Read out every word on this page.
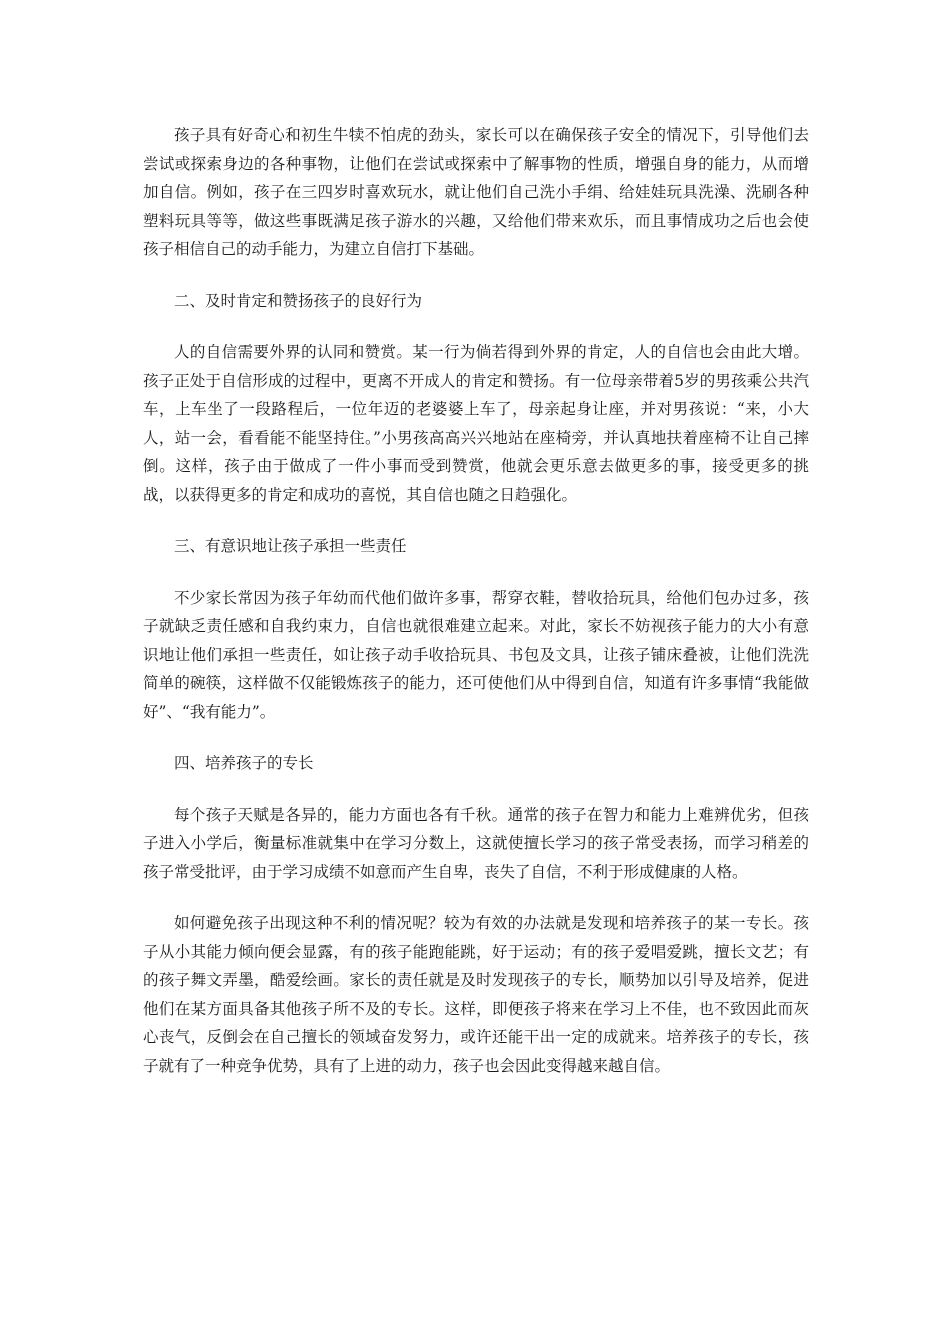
孩子具有好奇心和初生牛犊不怕虎的劲头，家长可以在确保孩子安全的情况下，引导他们去尝试或探索身边的各种事物，让他们在尝试或探索中了解事物的性质，增强自身的能力，从而增加自信。例如，孩子在三四岁时喜欢玩水，就让他们自己洗小手绢、给娃娃玩具洗澡、洗刷各种塑料玩具等等，做这些事既满足孩子游水的兴趣，又给他们带来欢乐，而且事情成功之后也会使孩子相信自己的动手能力，为建立自信打下基础。

二、及时肯定和赞扬孩子的良好行为

人的自信需要外界的认同和赞赏。某一行为倘若得到外界的肯定，人的自信也会由此大增。孩子正处于自信形成的过程中，更离不开成人的肯定和赞扬。有一位母亲带着5岁的男孩乘公共汽车，上车坐了一段路程后，一位年迈的老婆婆上车了，母亲起身让座，并对男孩说：“来，小大人，站一会，看看能不能坚持住。”小男孩高高兴兴地站在座椅旁，并认真地扶着座椅不让自己摔倒。这样，孩子由于做成了一件小事而受到赞赏，他就会更乐意去做更多的事，接受更多的挑战，以获得更多的肯定和成功的喜悦，其自信也随之日趋强化。

三、有意识地让孩子承担一些责任

不少家长常因为孩子年幼而代他们做许多事，帮穿衣鞋，替收拾玩具，给他们包办过多，孩子就缺乏责任感和自我约束力，自信也就很难建立起来。对此，家长不妨视孩子能力的大小有意识地让他们承担一些责任，如让孩子动手收拾玩具、书包及文具，让孩子铺床叠被，让他们洗洗简单的碗筷，这样做不仅能锻炼孩子的能力，还可使他们从中得到自信，知道有许多事情“我能做好”、“我有能力”。

四、培养孩子的专长

每个孩子天赋是各异的，能力方面也各有千秋。通常的孩子在智力和能力上难辨优劣，但孩子进入小学后，衡量标准就集中在学习分数上，这就使擅长学习的孩子常受表扬，而学习稍差的孩子常受批评，由于学习成绩不如意而产生自卑，丧失了自信，不利于形成健康的人格。

如何避免孩子出现这种不利的情况呢？较为有效的办法就是发现和培养孩子的某一专长。孩子从小其能力倾向便会显露，有的孩子能跑能跳，好于运动；有的孩子爱唱爱跳，擅长文艺；有的孩子舞文弄墨，酷爱绘画。家长的责任就是及时发现孩子的专长，顺势加以引导及培养，促进他们在某方面具备其他孩子所不及的专长。这样，即便孩子将来在学习上不佳，也不致因此而灰心丧气，反倒会在自己擅长的领域奋发努力，或许还能干出一定的成就来。培养孩子的专长，孩子就有了一种竞争优势，具有了上进的动力，孩子也会因此变得越来越自信。
